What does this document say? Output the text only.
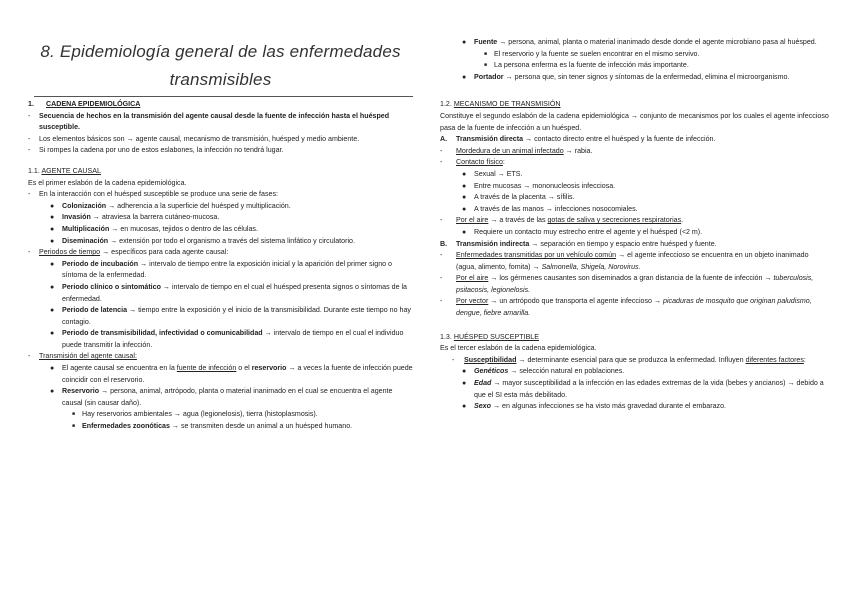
8. Epidemiología general de las enfermedades
transmisibles
1.	CADENA EPIDEMIOLÓGICA
-	Secuencia de hechos en la transmisión del agente causal desde la fuente de infección hasta el huésped susceptible.
-	Los elementos básicos son → agente causal, mecanismo de transmisión, huésped y medio ambiente.
-	Si rompes la cadena por uno de estos eslabones, la infección no tendrá lugar.
1.1. AGENTE CAUSAL
Es el primer eslabón de la cadena epidemiológica.
-	En la interacción con el huésped susceptible se produce una serie de fases:
●	Colonización → adherencia a la superficie del huésped y multiplicación.
●	Invasión → atraviesa la barrera cutáneo-mucosa.
●	Multiplicación → en mucosas, tejidos o dentro de las células.
●	Diseminación → extensión por todo el organismo a través del sistema linfático y circulatorio.
-	Periodos de tiempo → específicos para cada agente causal:
●	Periodo de incubación → intervalo de tiempo entre la exposición inicial y la aparición del primer signo o síntoma de la enfermedad.
●	Periodo clínico o sintomático → intervalo de tiempo en el cual el huésped presenta signos o síntomas de la enfermedad.
●	Periodo de latencia → tiempo entre la exposición y el inicio de la transmisibilidad. Durante este tiempo no hay contagio.
●	Periodo de transmisibilidad, infectividad o comunicabilidad → intervalo de tiempo en el cual el individuo puede transmitir la infección.
-	Transmisión del agente causal:
●	El agente causal se encuentra en la fuente de infección o el reservorio → a veces la fuente de infección puede coincidir con el reservorio.
●	Reservorio → persona, animal, artrópodo, planta o material inanimado en el cual se encuentra el agente causal (sin causar daño).
■ Hay reservorios ambientales → agua (legionelosis), tierra (histoplasmosis).
■ Enfermedades zoonóticas → se transmiten desde un animal a un huésped humano.
●	Fuente → persona, animal, planta o material inanimado desde donde el agente microbiano pasa al huésped.
■ El reservorio y la fuente se suelen encontrar en el mismo servivo.
■ La persona enferma es la fuente de infección más importante.
●	Portador → persona que, sin tener signos y síntomas de la enfermedad, elimina el microorganismo.
1.2. MECANISMO DE TRANSMISIÓN
Constituye el segundo eslabón de la cadena epidemiológica → conjunto de mecanismos por los cuales el agente infeccioso pasa de la fuente de infección a un huésped.
A.	Transmisión directa → contacto directo entre el huésped y la fuente de infección.
-	Mordedura de un animal infectado → rabia.
-	Contacto físico:
●	Sexual → ETS.
●	Entre mucosas → mononucleosis infecciosa.
●	A través de la placenta → sífilis.
●	A través de las manos → infecciones nosocomiales.
-	Por el aire → a través de las gotas de saliva y secreciones respiratorias.
●	Requiere un contacto muy estrecho entre el agente y el huésped (<2 m).
B.	Transmisión indirecta → separación en tiempo y espacio entre huésped y fuente.
-	Enfermedades transmitidas por un vehículo común → el agente infeccioso se encuentra en un objeto inanimado (agua, alimento, fomita) → Salmonella, Shigela, Norovirus.
-	Por el aire → los gérmenes causantes son diseminados a gran distancia de la fuente de infección → tuberculosis, psitacosis, legionelosis.
-	Por vector → un artrópodo que transporta el agente infeccioso → picaduras de mosquito que originan paludismo, dengue, fiebre amarilla.
1.3. HUÉSPED SUSCEPTIBLE
Es el tercer eslabón de la cadena epidemiológica.
-	Susceptibilidad → determinante esencial para que se produzca la enfermedad. Influyen diferentes factores:
●	Genéticos → selección natural en poblaciones.
●	Edad → mayor susceptibilidad a la infección en las edades extremas de la vida (bebes y ancianos) → debido a que el SI esta más debilitado.
●	Sexo → en algunas infecciones se ha visto más gravedad durante el embarazo.
